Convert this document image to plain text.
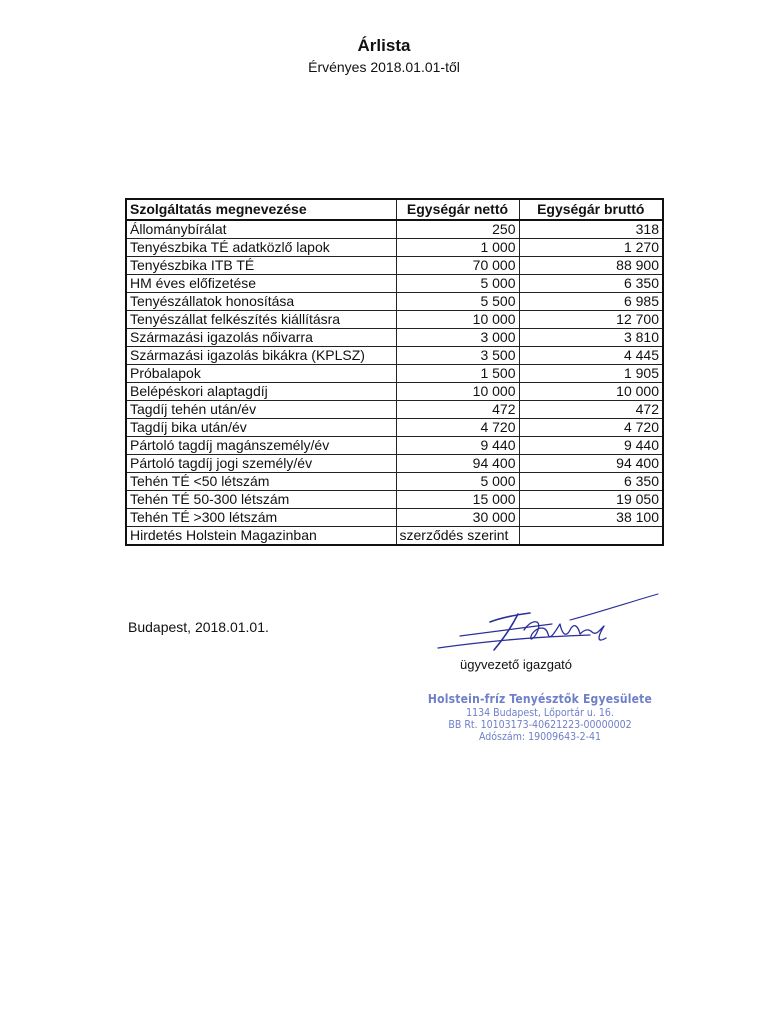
Árlista
Érvényes 2018.01.01-től
Szolgáltatás megnevezése	Egységár nettó	Egységár bruttó
Állománybírálat	250	318
Tenyészbika TÉ adatközlő lapok	1 000	1 270
Tenyészbika ITB TÉ	70 000	88 900
HM éves előfizetése	5 000	6 350
Tenyészállatok honosítása	5 500	6 985
Tenyészállat felkészítés kiállításra	10 000	12 700
Származási igazolás nőivarra	3 000	3 810
Származási igazolás bikákra (KPLSZ)	3 500	4 445
Próbalapok	1 500	1 905
Belépéskori alaptagdíj	10 000	10 000
Tagdíj tehén után/év	472	472
Tagdíj bika után/év	4 720	4 720
Pártoló tagdíj magánszemély/év	9 440	9 440
Pártoló tagdíj jogi személy/év	94 400	94 400
Tehén TÉ <50 létszám	5 000	6 350
Tehén TÉ 50-300 létszám	15 000	19 050
Tehén TÉ >300 létszám	30 000	38 100
Hirdetés Holstein Magazinban	szerződés szerint	
Budapest, 2018.01.01.
ügyvezető igazgató
Holstein-fríz Tenyésztők Egyesülete
1134 Budapest, Lőportár u. 16.
BB Rt. 10103173-40621223-00000002
Adószám: 19009643-2-41
